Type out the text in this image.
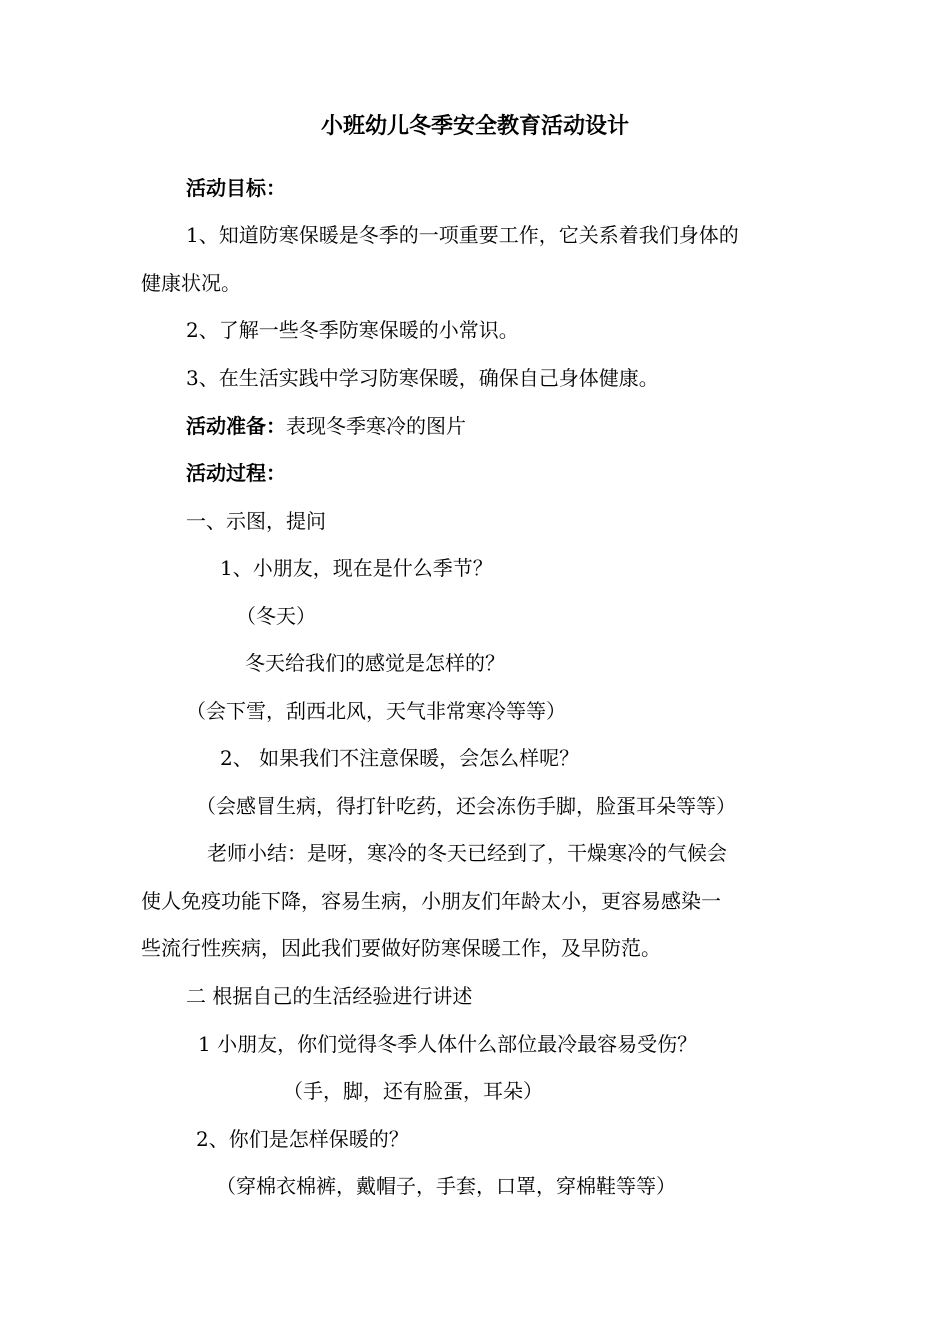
小班幼儿冬季安全教育活动设计
活动目标：
1、知道防寒保暖是冬季的一项重要工作，它关系着我们身体的
健康状况。
2、了解一些冬季防寒保暖的小常识。
3、在生活实践中学习防寒保暖，确保自己身体健康。
活动准备：表现冬季寒冷的图片
活动过程：
一、示图，提问
1、小朋友，现在是什么季节？
（冬天）
冬天给我们的感觉是怎样的？
（会下雪，刮西北风，天气非常寒冷等等）
2、 如果我们不注意保暖，会怎么样呢？
（会感冒生病，得打针吃药，还会冻伤手脚，脸蛋耳朵等等）
老师小结：是呀，寒冷的冬天已经到了，干燥寒冷的气候会
使人免疫功能下降，容易生病，小朋友们年龄太小，更容易感染一
些流行性疾病，因此我们要做好防寒保暖工作，及早防范。
二 根据自己的生活经验进行讲述
1 小朋友，你们觉得冬季人体什么部位最冷最容易受伤？
（手，脚，还有脸蛋，耳朵）
2、你们是怎样保暖的？
（穿棉衣棉裤，戴帽子，手套，口罩，穿棉鞋等等）
